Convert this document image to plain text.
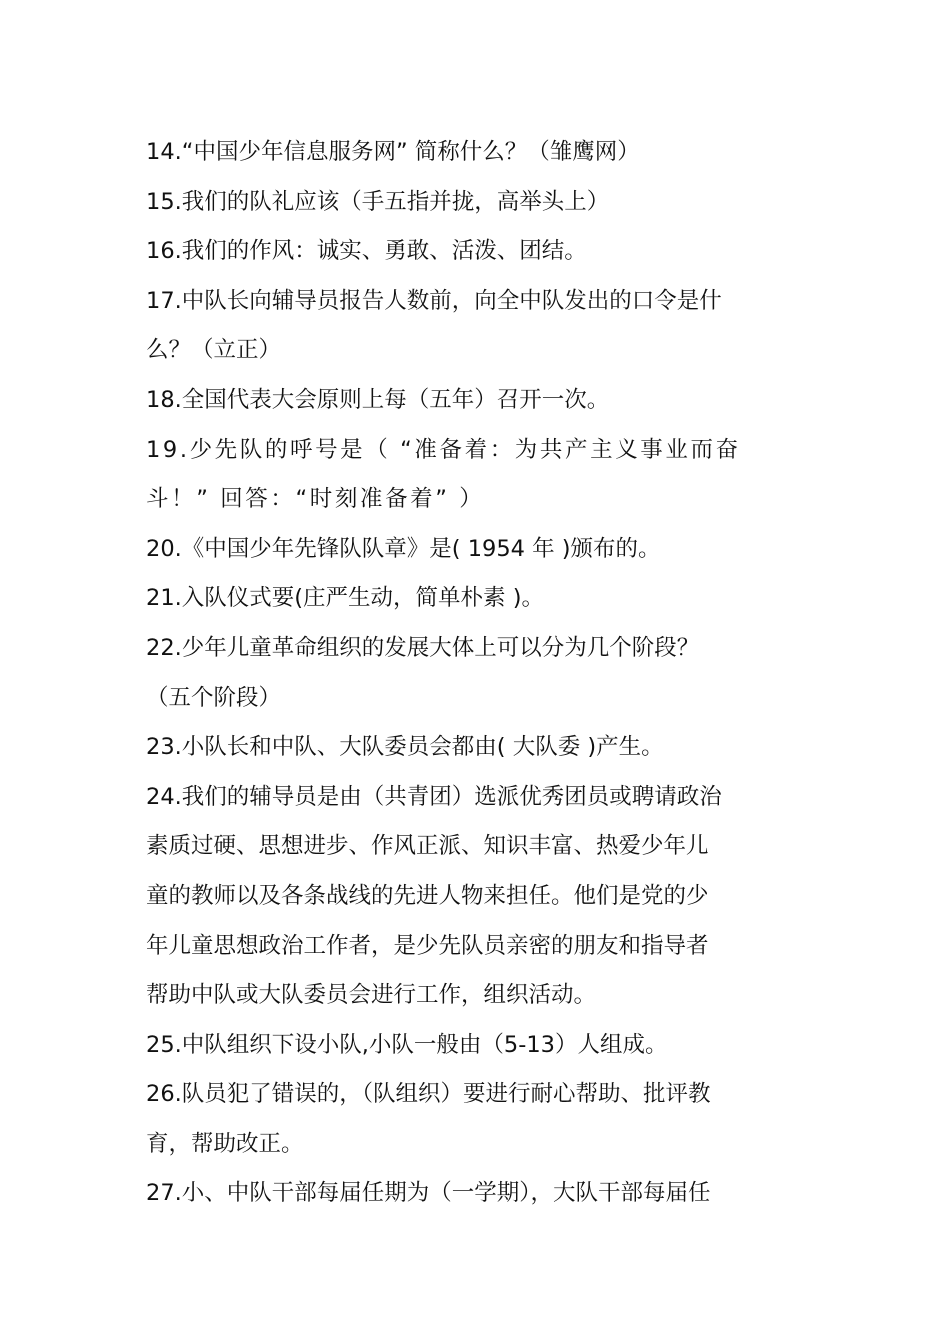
14.“中国少年信息服务网” 简称什么？（雏鹰网）
15.我们的队礼应该（手五指并拢，高举头上）
16.我们的作风：诚实、勇敢、活泼、团结。
17.中队长向辅导员报告人数前，向全中队发出的口令是什
么？（立正）
18.全国代表大会原则上每（五年）召开一次。
19.少先队的呼号是（ “准备着：为共产主义事业而奋
斗！” 回答：“时刻准备着” ）
20.《中国少年先锋队队章》是( 1954 年 )颁布的。
21.入队仪式要(庄严生动，简单朴素 )。
22.少年儿童革命组织的发展大体上可以分为几个阶段？
（五个阶段）
23.小队长和中队、大队委员会都由( 大队委 )产生。
24.我们的辅导员是由（共青团）选派优秀团员或聘请政治
素质过硬、思想进步、作风正派、知识丰富、热爱少年儿
童的教师以及各条战线的先进人物来担任。他们是党的少
年儿童思想政治工作者，是少先队员亲密的朋友和指导者
帮助中队或大队委员会进行工作，组织活动。
25.中队组织下设小队,小队一般由（5-13）人组成。
26.队员犯了错误的，（队组织）要进行耐心帮助、批评教
育，帮助改正。
27.小、中队干部每届任期为（一学期），大队干部每届任
